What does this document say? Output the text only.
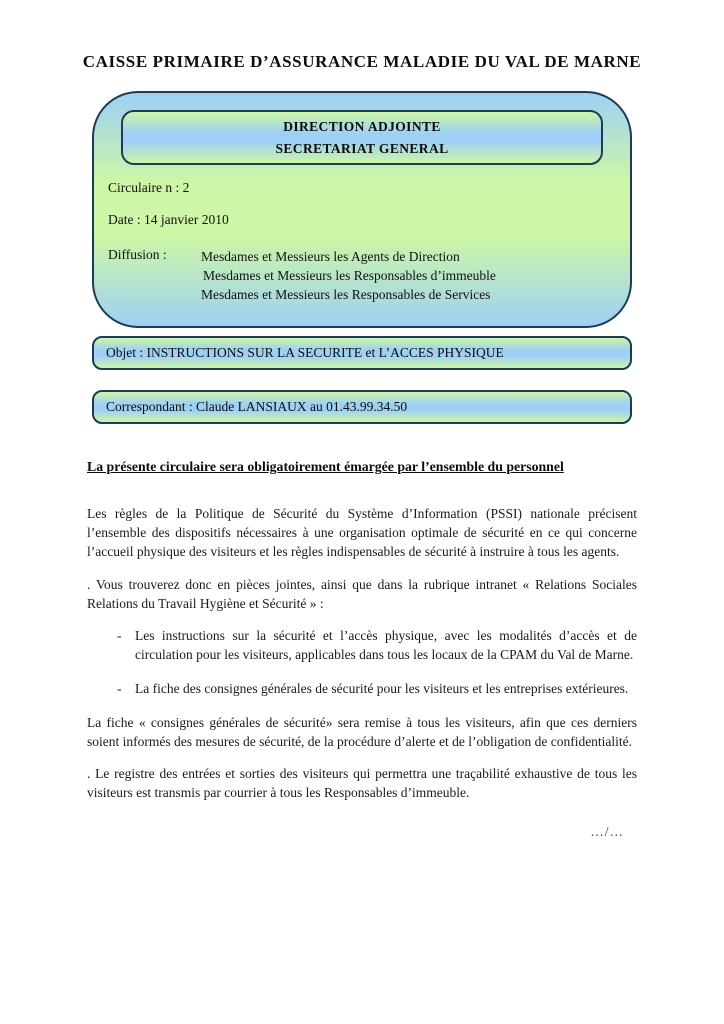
CAISSE PRIMAIRE D’ASSURANCE MALADIE DU VAL DE MARNE
DIRECTION ADJOINTE
SECRETARIAT GENERAL

Circulaire n : 2

Date : 14 janvier 2010

Diffusion :	Mesdames et Messieurs les Agents de Direction
Mesdames et Messieurs les Responsables d’immeuble
Mesdames et Messieurs les Responsables de Services
Objet : INSTRUCTIONS SUR LA SECURITE et L’ACCES PHYSIQUE
Correspondant : Claude LANSIAUX au 01.43.99.34.50

La présente circulaire sera obligatoirement émargée par l’ensemble du personnel

Les règles de la Politique de Sécurité du Système d’Information (PSSI) nationale précisent l’ensemble des dispositifs nécessaires à une organisation optimale de sécurité en ce qui concerne l’accueil physique des visiteurs et les règles indispensables de sécurité à instruire à tous les agents.

. Vous trouverez donc en pièces jointes, ainsi que dans la rubrique intranet « Relations Sociales Relations du Travail Hygiène et Sécurité » :

-	Les instructions sur la sécurité et l’accès physique, avec les modalités d’accès et de circulation pour les visiteurs, applicables dans tous les locaux de la CPAM du Val de Marne.
-	La fiche des consignes générales de sécurité pour les visiteurs et les entreprises extérieures.

La fiche « consignes générales de sécurité» sera remise à tous les visiteurs, afin que ces derniers soient informés des mesures de sécurité, de la procédure d’alerte et de l’obligation de confidentialité.

. Le registre des entrées et sorties des visiteurs qui permettra une traçabilité exhaustive de tous les visiteurs est transmis par courrier à tous les Responsables d’immeuble.

…/…
